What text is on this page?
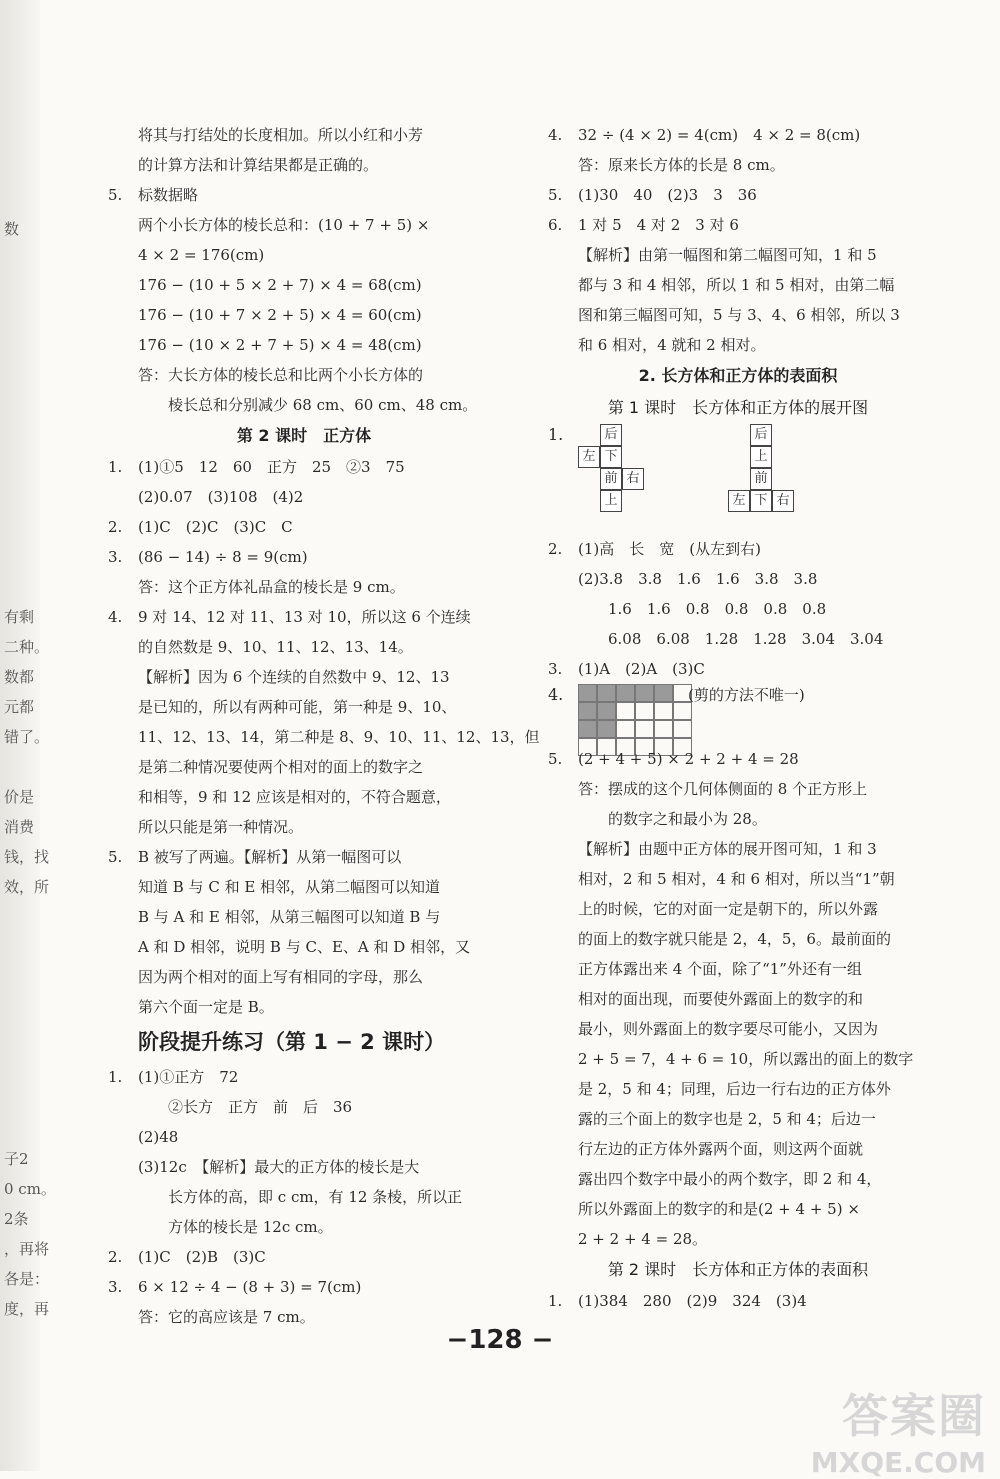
数
有剩
二种。
数都
元都
错了。
价是
消费
钱，找
效，所
子2
0 cm。
2条
，再将
各是：
度，再
将其与打结处的长度相加。所以小红和小芳
的计算方法和计算结果都是正确的。
5.	标数据略
两个小长方体的棱长总和：(10 + 7 + 5) ×
4 × 2 = 176(cm)
176 − (10 + 5 × 2 + 7) × 4 = 68(cm)
176 − (10 + 7 × 2 + 5) × 4 = 60(cm)
176 − (10 × 2 + 7 + 5) × 4 = 48(cm)
答：大长方体的棱长总和比两个小长方体的
棱长总和分别减少 68 cm、60 cm、48 cm。
第 2 课时　正方体
1.	(1)①5　12　60　正方　25　②3　75
(2)0.07　(3)108　(4)2
2.	(1)C　(2)C　(3)C　C
3.	(86 − 14) ÷ 8 = 9(cm)
答：这个正方体礼品盒的棱长是 9 cm。
4.	9 对 14、12 对 11、13 对 10，所以这 6 个连续
的自然数是 9、10、11、12、13、14。
【解析】因为 6 个连续的自然数中 9、12、13
是已知的，所以有两种可能，第一种是 9、10、
11、12、13、14，第二种是 8、9、10、11、12、13，但
是第二种情况要使两个相对的面上的数字之
和相等，9 和 12 应该是相对的，不符合题意，
所以只能是第一种情况。
5.	B 被写了两遍。【解析】从第一幅图可以
知道 B 与 C 和 E 相邻，从第二幅图可以知道
B 与 A 和 E 相邻，从第三幅图可以知道 B 与
A 和 D 相邻，说明 B 与 C、E、A 和 D 相邻，又
因为两个相对的面上写有相同的字母，那么
第六个面一定是 B。
阶段提升练习（第 1 − 2 课时）
1.	(1)①正方　72
②长方　正方　前　后　36
(2)48
(3)12c　【解析】最大的正方体的棱长是大
长方体的高，即 c cm，有 12 条棱，所以正
方体的棱长是 12c cm。
2.	(1)C　(2)B　(3)C
3.	6 × 12 ÷ 4 − (8 + 3) = 7(cm)
答：它的高应该是 7 cm。
4.	32 ÷ (4 × 2) = 4(cm)　4 × 2 = 8(cm)
答：原来长方体的长是 8 cm。
5.	(1)30　40　(2)3　3　36
6.	1 对 5　4 对 2　3 对 6
【解析】由第一幅图和第二幅图可知，1 和 5
都与 3 和 4 相邻，所以 1 和 5 相对，由第二幅
图和第三幅图可知，5 与 3、4、6 相邻，所以 3
和 6 相对，4 就和 2 相对。
2. 长方体和正方体的表面积
第 1 课时　长方体和正方体的展开图
1.	后
左 下
前 右
上
后
上
前
左 下 右
2.	(1)高　长　宽　(从左到右)
(2)3.8　3.8　1.6　1.6　3.8　3.8
1.6　1.6　0.8　0.8　0.8　0.8
6.08　6.08　1.28　1.28　3.04　3.04
3.	(1)A　(2)A　(3)C
4.	(剪的方法不唯一)
5.	(2 + 4 + 5) × 2 + 2 + 4 = 28
答：摆成的这个几何体侧面的 8 个正方形上
的数字之和最小为 28。
【解析】由题中正方体的展开图可知，1 和 3
相对，2 和 5 相对，4 和 6 相对，所以当“1”朝
上的时候，它的对面一定是朝下的，所以外露
的面上的数字就只能是 2，4，5，6。最前面的
正方体露出来 4 个面，除了“1”外还有一组
相对的面出现，而要使外露面上的数字的和
最小，则外露面上的数字要尽可能小，又因为
2 + 5 = 7，4 + 6 = 10，所以露出的面上的数字
是 2，5 和 4；同理，后边一行右边的正方体外
露的三个面上的数字也是 2，5 和 4；后边一
行左边的正方体外露两个面，则这两个面就
露出四个数字中最小的两个数字，即 2 和 4，
所以外露面上的数字的和是(2 + 4 + 5) ×
2 + 2 + 4 = 28。
第 2 课时　长方体和正方体的表面积
1.	(1)384　280　(2)9　324　(3)4
−128 −
答案圈
MXQE.COM
